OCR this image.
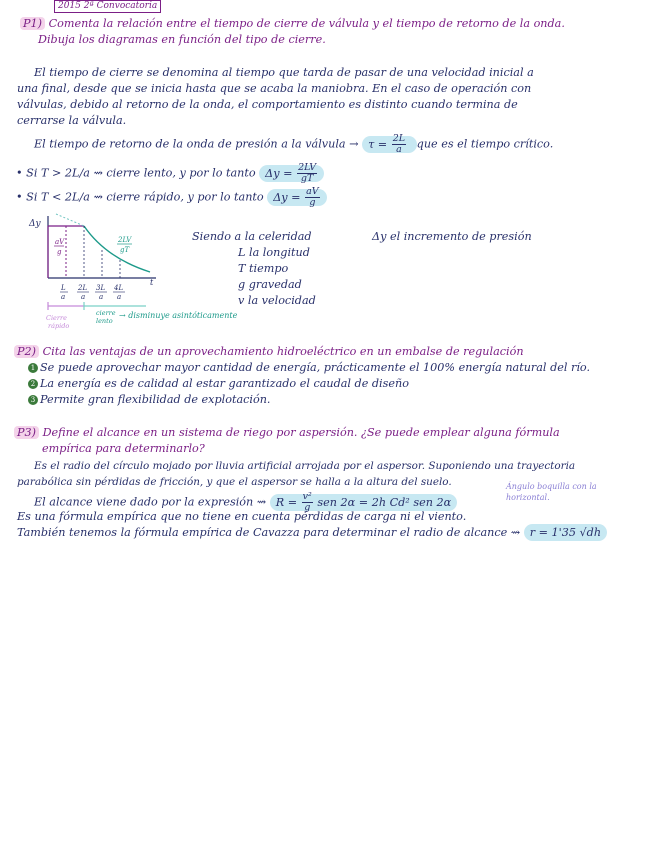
2015 2ª Convocatoria
P1) Comenta la relación entre el tiempo de cierre de válvula y el tiempo de retorno de la onda.
Dibuja los diagramas en función del tipo de cierre.
El tiempo de cierre se denomina al tiempo que tarda de pasar de una velocidad inicial a
una final, desde que se inicia hasta que se acaba la maniobra. En el caso de operación con
válvulas, debido al retorno de la onda, el comportamiento es distinto cuando termina de
cerrarse la válvula.
El tiempo de retorno de la onda de presión a la válvula → $\tau = \frac{2L}{a}$ que es el tiempo crítico.
• Si T > 2L/a ⇝ cierre lento, y por lo tanto $\Delta y = \frac{2LV}{gT}$
• Si T < 2L/a ⇝ cierre rápido, y por lo tanto $\Delta y = \frac{aV}{g}$
Δy
t
aV
g
2LV
gT
L
a
2L
a
3L
a
4L
a
Cierre
rápido
cierre
lento
→ disminuye asintóticamente
Siendo a la celeridad
L la longitud
T tiempo
g gravedad
v la velocidad
Δy el incremento de presión
P2) Cita las ventajas de un aprovechamiento hidroeléctrico en un embalse de regulación
1 Se puede aprovechar mayor cantidad de energía, prácticamente el 100% energía natural del río.
2 La energía es de calidad al estar garantizado el caudal de diseño
3 Permite gran flexibilidad de explotación.
P3) Define el alcance en un sistema de riego por aspersión. ¿Se puede emplear alguna fórmula
empírica para determinarlo?
Es el radio del círculo mojado por lluvia artificial arrojada por el aspersor. Suponiendo una trayectoria
parabólica sin pérdidas de fricción, y que el aspersor se halla a la altura del suelo.
El alcance viene dado por la expresión ⇝ $R = \frac{\text{v²}}{g}$ sen 2α = 2h Cd² sen 2α
Ángulo boquilla con la
horizontal.
Es una fórmula empírica que no tiene en cuenta pérdidas de carga ni el viento.
También tenemos la fórmula empírica de Cavazza para determinar el radio de alcance ⇝ r = 1'35 √dh
